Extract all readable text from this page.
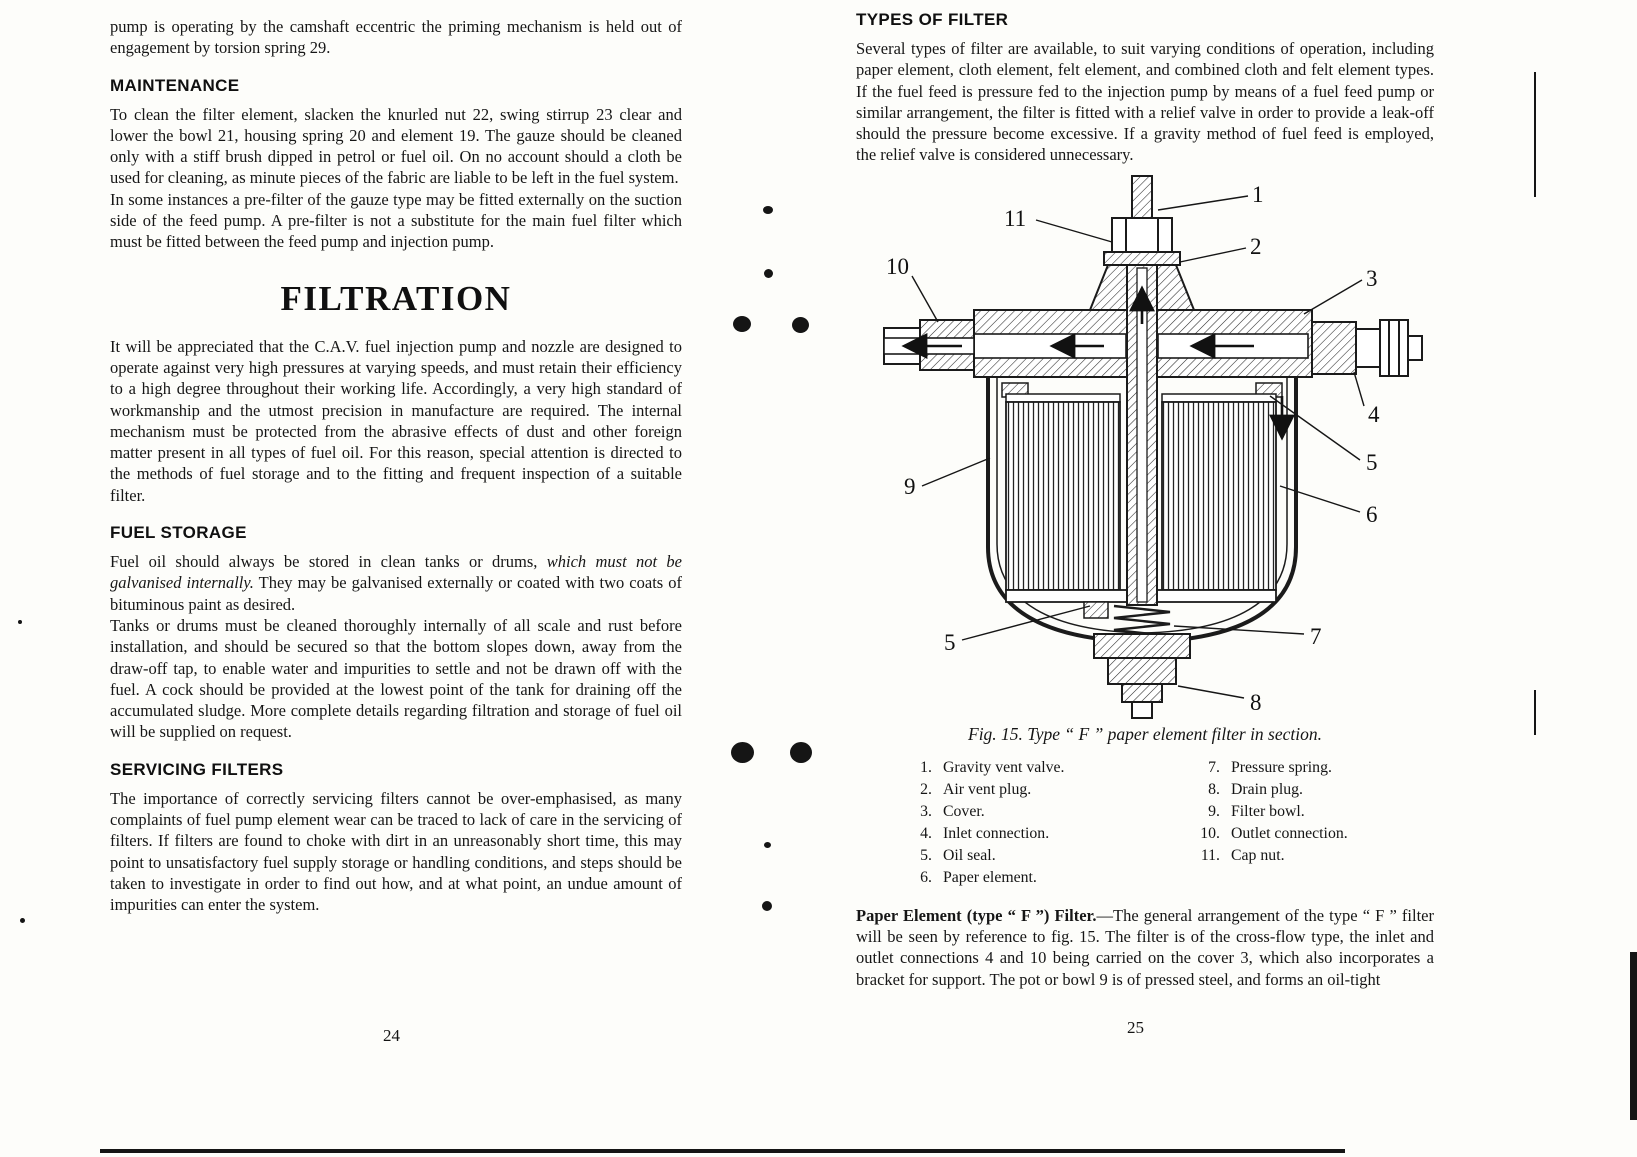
pump is operating by the camshaft eccentric the priming mechanism is held out of engagement by torsion spring 29.

MAINTENANCE

To clean the filter element, slacken the knurled nut 22, swing stirrup 23 clear and lower the bowl 21, housing spring 20 and element 19. The gauze should be cleaned only with a stiff brush dipped in petrol or fuel oil. On no account should a cloth be used for cleaning, as minute pieces of the fabric are liable to be left in the fuel system.

In some instances a pre-filter of the gauze type may be fitted externally on the suction side of the feed pump. A pre-filter is not a substitute for the main fuel filter which must be fitted between the feed pump and injection pump.

FILTRATION

It will be appreciated that the C.A.V. fuel injection pump and nozzle are designed to operate against very high pressures at varying speeds, and must retain their efficiency to a high degree throughout their working life. Accordingly, a very high standard of workmanship and the utmost precision in manufacture are required. The internal mechanism must be protected from the abrasive effects of dust and other foreign matter present in all types of fuel oil. For this reason, special attention is directed to the methods of fuel storage and to the fitting and frequent inspection of a suitable filter.

FUEL STORAGE

Fuel oil should always be stored in clean tanks or drums, which must not be galvanised internally. They may be galvanised externally or coated with two coats of bituminous paint as desired.

Tanks or drums must be cleaned thoroughly internally of all scale and rust before installation, and should be secured so that the bottom slopes down, away from the draw-off tap, to enable water and impurities to settle and not be drawn off with the fuel. A cock should be provided at the lowest point of the tank for draining off the accumulated sludge. More complete details regarding filtration and storage of fuel oil will be supplied on request.

SERVICING FILTERS

The importance of correctly servicing filters cannot be over-emphasised, as many complaints of fuel pump element wear can be traced to lack of care in the servicing of filters. If filters are found to choke with dirt in an unreasonably short time, this may point to unsatisfactory fuel supply storage or handling conditions, and steps should be taken to investigate in order to find out how, and at what point, an undue amount of impurities can enter the system.

24
TYPES OF FILTER

Several types of filter are available, to suit varying conditions of operation, including paper element, cloth element, felt element, and combined cloth and felt element types. If the fuel feed is pressure fed to the injection pump by means of a fuel feed pump or similar arrangement, the filter is fitted with a relief valve in order to provide a leak-off should the pressure become excessive. If a gravity method of fuel feed is employed, the relief valve is considered unnecessary.

1
11
2
10	3
4
5
6
9
5	7
8

Fig. 15. Type “ F ” paper element filter in section.

1. Gravity vent valve.
2. Air vent plug.
3. Cover.
4. Inlet connection.
5. Oil seal.
6. Paper element.
7. Pressure spring.
8. Drain plug.
9. Filter bowl.
10. Outlet connection.
11. Cap nut.

Paper Element (type “ F ”) Filter.—The general arrangement of the type “ F ” filter will be seen by reference to fig. 15. The filter is of the cross-flow type, the inlet and outlet connections 4 and 10 being carried on the cover 3, which also incorporates a bracket for support. The pot or bowl 9 is of pressed steel, and forms an oil-tight

25
